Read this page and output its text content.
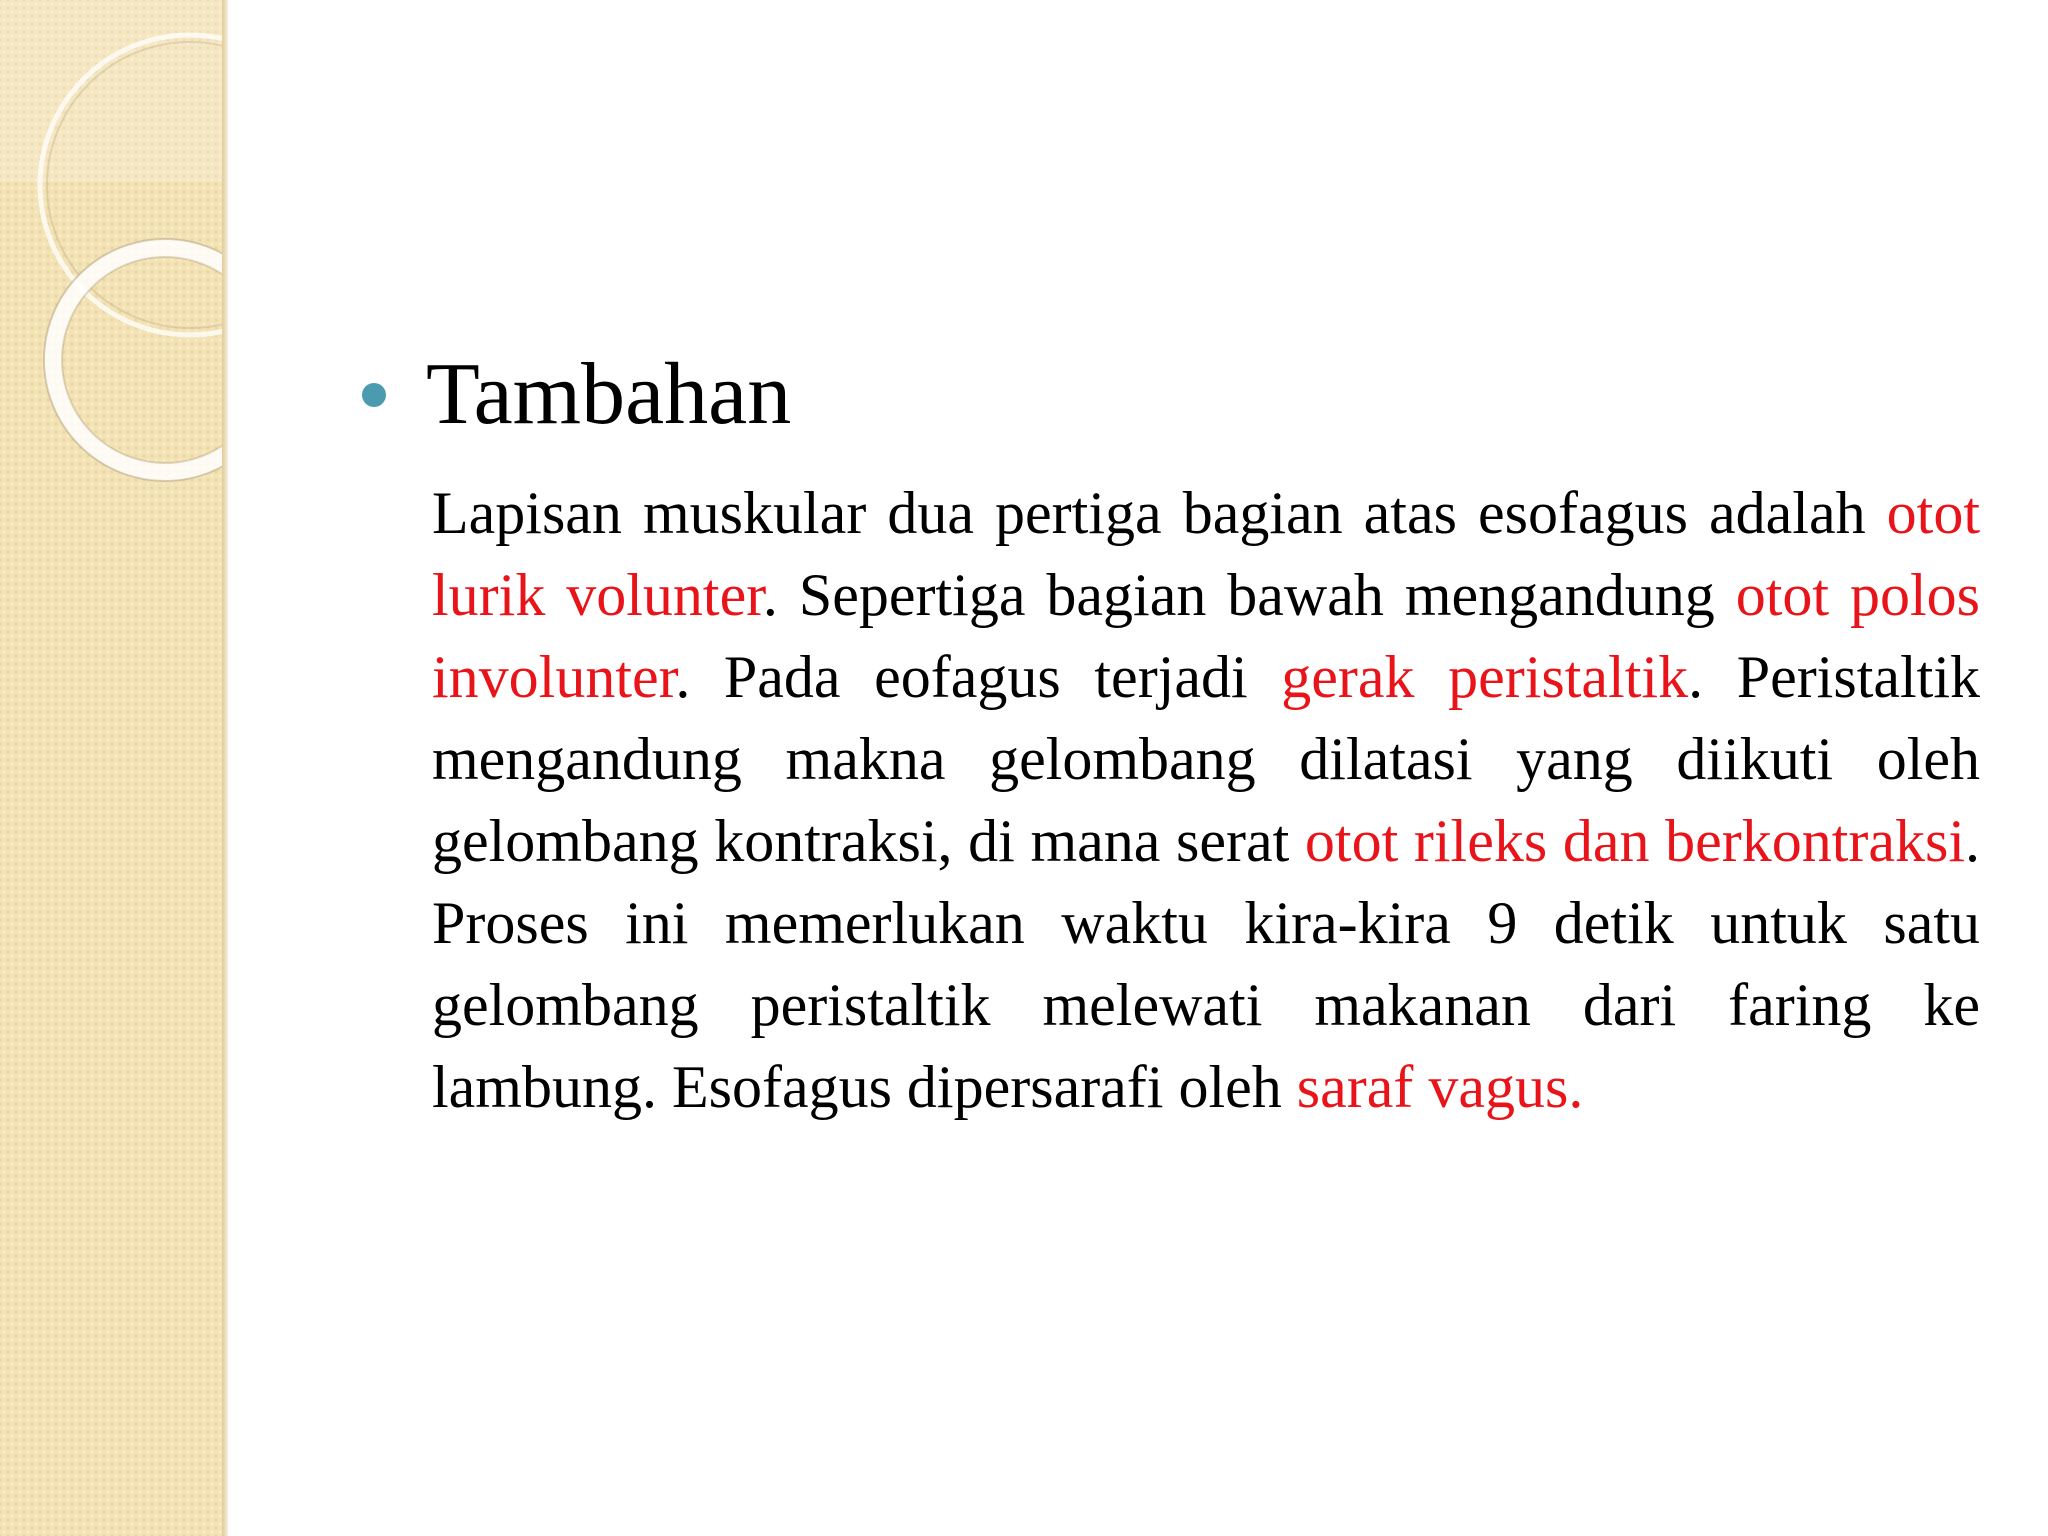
Tambahan

Lapisan muskular dua pertiga bagian atas esofagus adalah otot lurik volunter. Sepertiga bagian bawah mengandung otot polos involunter. Pada eofagus terjadi gerak peristaltik. Peristaltik mengandung makna gelombang dilatasi yang diikuti oleh gelombang kontraksi, di mana serat otot rileks dan berkontraksi. Proses ini memerlukan waktu kira-kira 9 detik untuk satu gelombang peristaltik melewati makanan dari faring ke lambung. Esofagus dipersarafi oleh saraf vagus.
